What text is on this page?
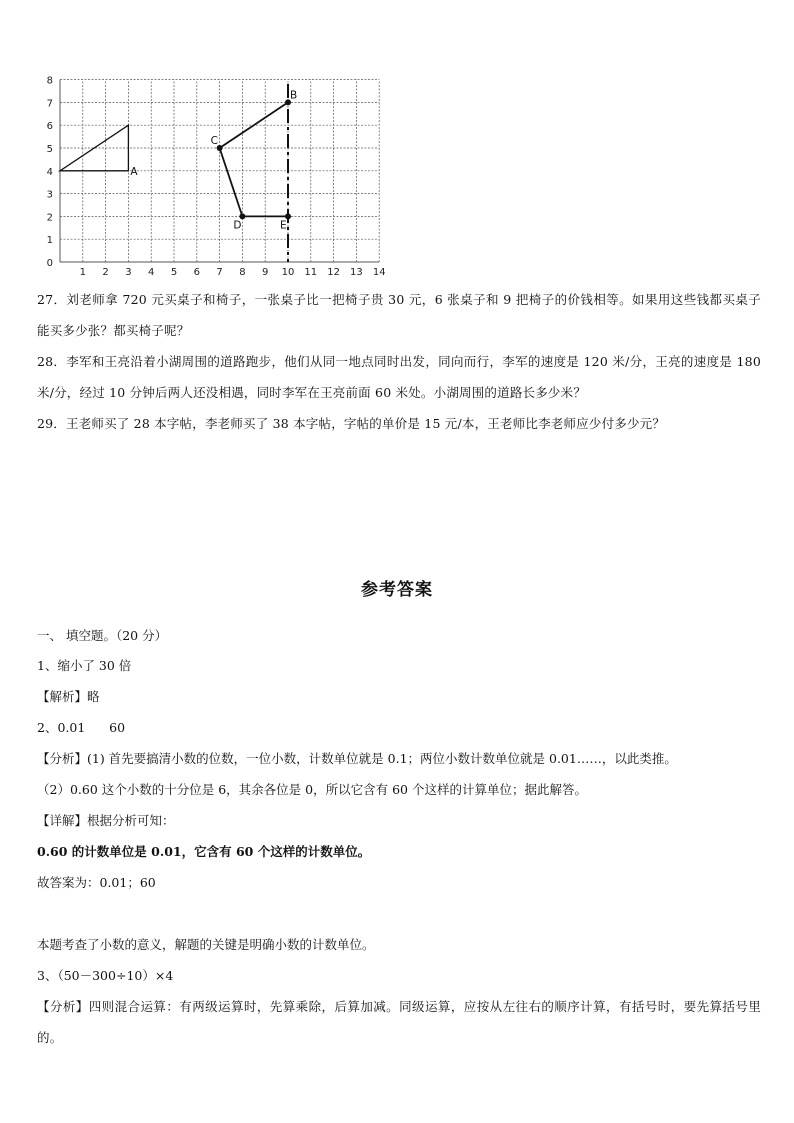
1 2 3 4 5 6 7 8 9 10 11 12 13 14
0
1
2
3
4
5
6
7
8
A
B
C
D	E

27．刘老师拿 720 元买桌子和椅子，一张桌子比一把椅子贵 30 元，6 张桌子和 9 把椅子的价钱相等。如果用这些钱都买桌子能买多少张？都买椅子呢？

28．李军和王亮沿着小湖周围的道路跑步，他们从同一地点同时出发，同向而行，李军的速度是 120 米/分，王亮的速度是 180 米/分，经过 10 分钟后两人还没相遇，同时李军在王亮前面 60 米处。小湖周围的道路长多少米？

29．王老师买了 28 本字帖，李老师买了 38 本字帖，字帖的单价是 15 元/本，王老师比李老师应少付多少元？

参考答案

一、 填空题。（20 分）

1、缩小了 30 倍

【解析】略

2、0.01      60

【分析】(1) 首先要搞清小数的位数，一位小数，计数单位就是 0.1；两位小数计数单位就是 0.01……，以此类推。

（2）0.60 这个小数的十分位是 6，其余各位是 0，所以它含有 60 个这样的计算单位；据此解答。

【详解】根据分析可知：

0.60 的计数单位是 0.01，它含有 60 个这样的计数单位。

故答案为：0.01；60

本题考查了小数的意义，解题的关键是明确小数的计数单位。

3、（50－300÷10）×4

【分析】四则混合运算：有两级运算时，先算乘除，后算加减。同级运算，应按从左往右的顺序计算，有括号时，要先算括号里的。
